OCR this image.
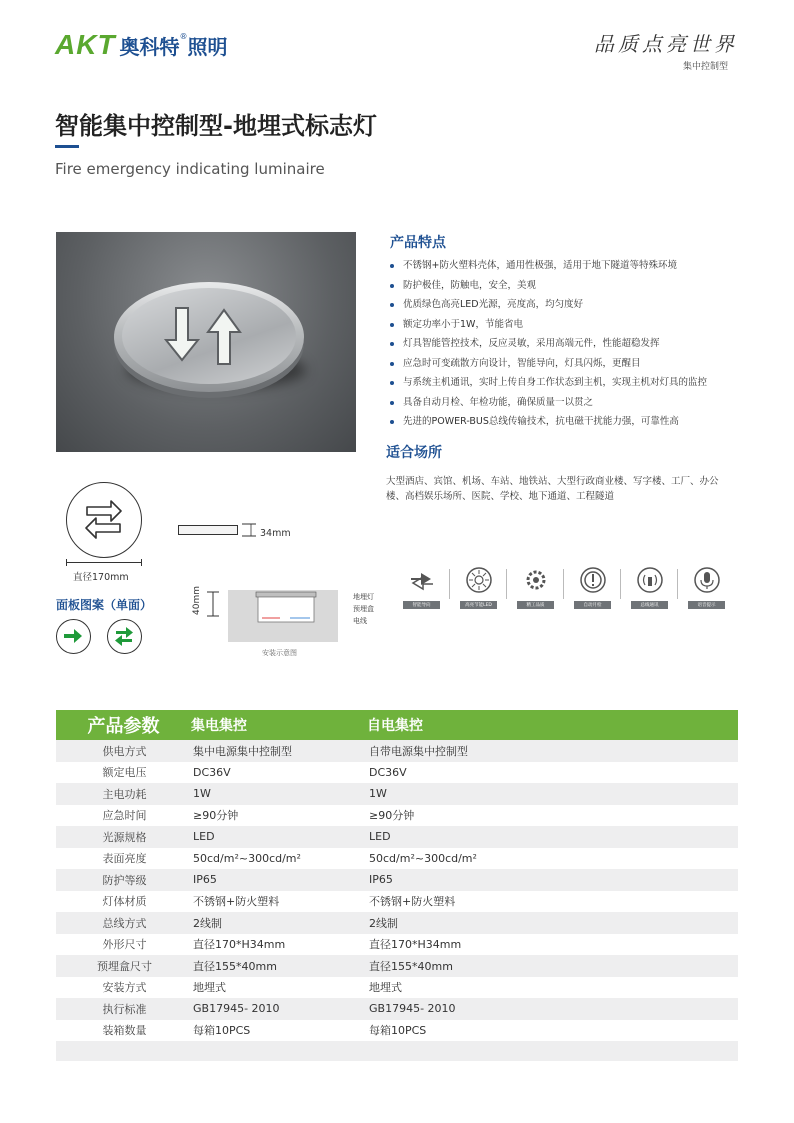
AKT 奥科特 ® 照明	品质点亮世界
集中控制型
智能集中控制型-地埋式标志灯
Fire emergency indicating luminaire
产品特点
不锈钢+防火塑料壳体，通用性极强，适用于地下隧道等特殊环境
防护极佳，防触电，安全，美观
优质绿色高亮LED光源，亮度高，均匀度好
额定功率小于1W，节能省电
灯具智能管控技术，反应灵敏，采用高端元件，性能超稳发挥
应急时可变疏散方向设计，智能导向，灯具闪烁，更醒目
与系统主机通讯，实时上传自身工作状态到主机，实现主机对灯具的监控
具备自动月检、年检功能，确保质量一以贯之
先进的POWER-BUS总线传输技术，抗电磁干扰能力强，可靠性高
适合场所
大型酒店、宾馆、机场、车站、地铁站、大型行政商业楼、写字楼、工厂、办公楼、高档娱乐场所、医院、学校、地下通道、工程隧道
直径170mm
34mm
面板图案（单面）	40mm	地埋灯
预埋盒
电线
安装示意图
智能导向	高亮节能LED	精工品质	自动月检	总线通讯	语音提示
产品参数	集电集控	自电集控
供电方式	集中电源集中控制型	自带电源集中控制型
额定电压	DC36V	DC36V
主电功耗	1W	1W
应急时间	≥90分钟	≥90分钟
光源规格	LED	LED
表面亮度	50cd/m²~300cd/m²	50cd/m²~300cd/m²
防护等级	IP65	IP65
灯体材质	不锈钢+防火塑料	不锈钢+防火塑料
总线方式	2线制	2线制
外形尺寸	直径170*H34mm	直径170*H34mm
预埋盒尺寸	直径155*40mm	直径155*40mm
安装方式	地埋式	地埋式
执行标准	GB17945- 2010	GB17945- 2010
装箱数量	每箱10PCS	每箱10PCS
